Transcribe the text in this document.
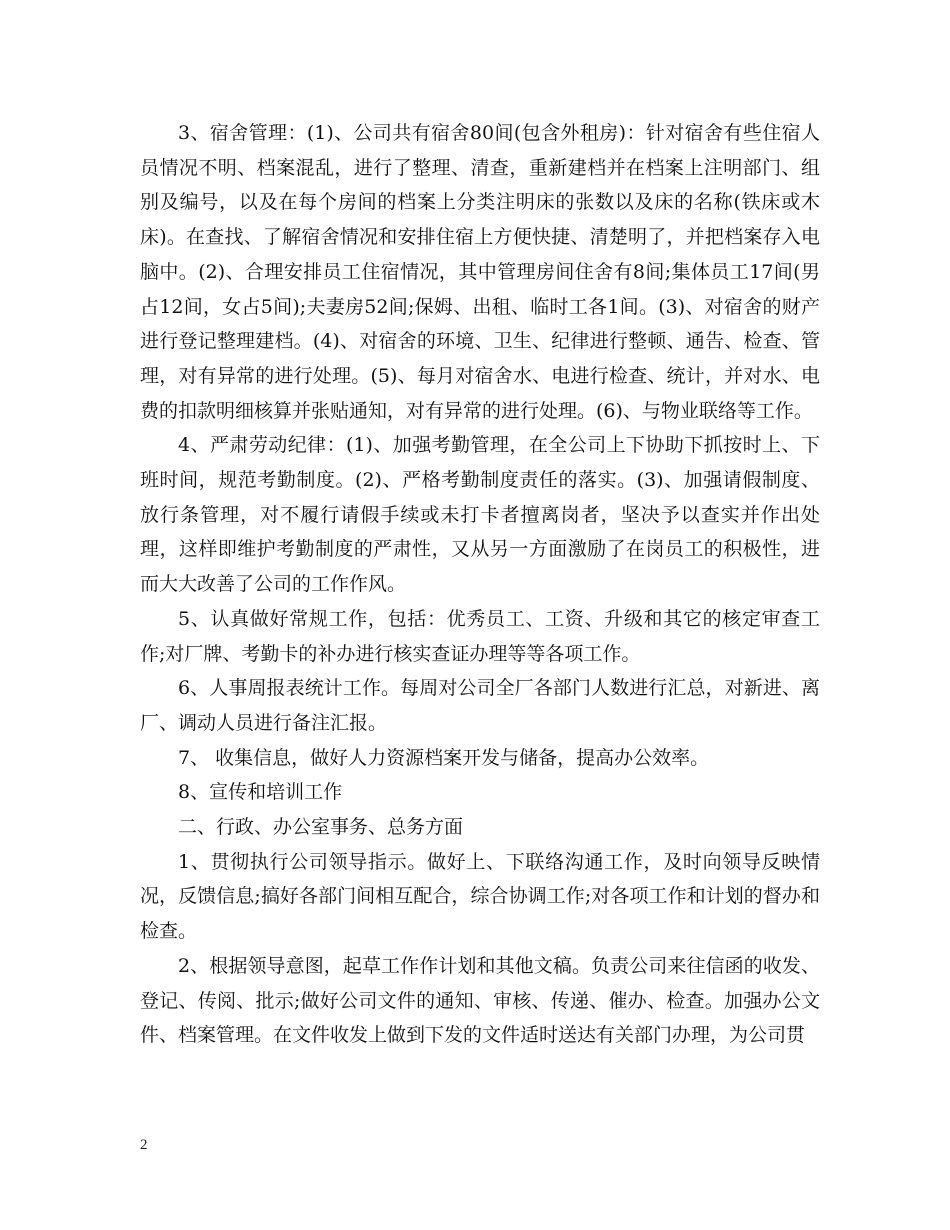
3、宿舍管理：(1)、公司共有宿舍80间(包含外租房)：针对宿舍有些住宿人员情况不明、档案混乱，进行了整理、清查，重新建档并在档案上注明部门、组别及编号，以及在每个房间的档案上分类注明床的张数以及床的名称(铁床或木床)。在查找、了解宿舍情况和安排住宿上方便快捷、清楚明了，并把档案存入电脑中。(2)、合理安排员工住宿情况，其中管理房间住舍有8间;集体员工17间(男占12间，女占5间);夫妻房52间;保姆、出租、临时工各1间。(3)、对宿舍的财产进行登记整理建档。(4)、对宿舍的环境、卫生、纪律进行整顿、通告、检查、管理，对有异常的进行处理。(5)、每月对宿舍水、电进行检查、统计，并对水、电费的扣款明细核算并张贴通知，对有异常的进行处理。(6)、与物业联络等工作。

4、严肃劳动纪律：(1)、加强考勤管理，在全公司上下协助下抓按时上、下班时间，规范考勤制度。(2)、严格考勤制度责任的落实。(3)、加强请假制度、放行条管理，对不履行请假手续或未打卡者擅离岗者，坚决予以查实并作出处理，这样即维护考勤制度的严肃性，又从另一方面激励了在岗员工的积极性，进而大大改善了公司的工作作风。

5、认真做好常规工作，包括：优秀员工、工资、升级和其它的核定审查工作;对厂牌、考勤卡的补办进行核实查证办理等等各项工作。

6、人事周报表统计工作。每周对公司全厂各部门人数进行汇总，对新进、离厂、调动人员进行备注汇报。

7、 收集信息，做好人力资源档案开发与储备，提高办公效率。

8、宣传和培训工作

二、行政、办公室事务、总务方面

1、贯彻执行公司领导指示。做好上、下联络沟通工作，及时向领导反映情况，反馈信息;搞好各部门间相互配合，综合协调工作;对各项工作和计划的督办和检查。

2、根据领导意图，起草工作作计划和其他文稿。负责公司来往信函的收发、登记、传阅、批示;做好公司文件的通知、审核、传递、催办、检查。加强办公文件、档案管理。在文件收发上做到下发的文件适时送达有关部门办理，为公司贯

2
